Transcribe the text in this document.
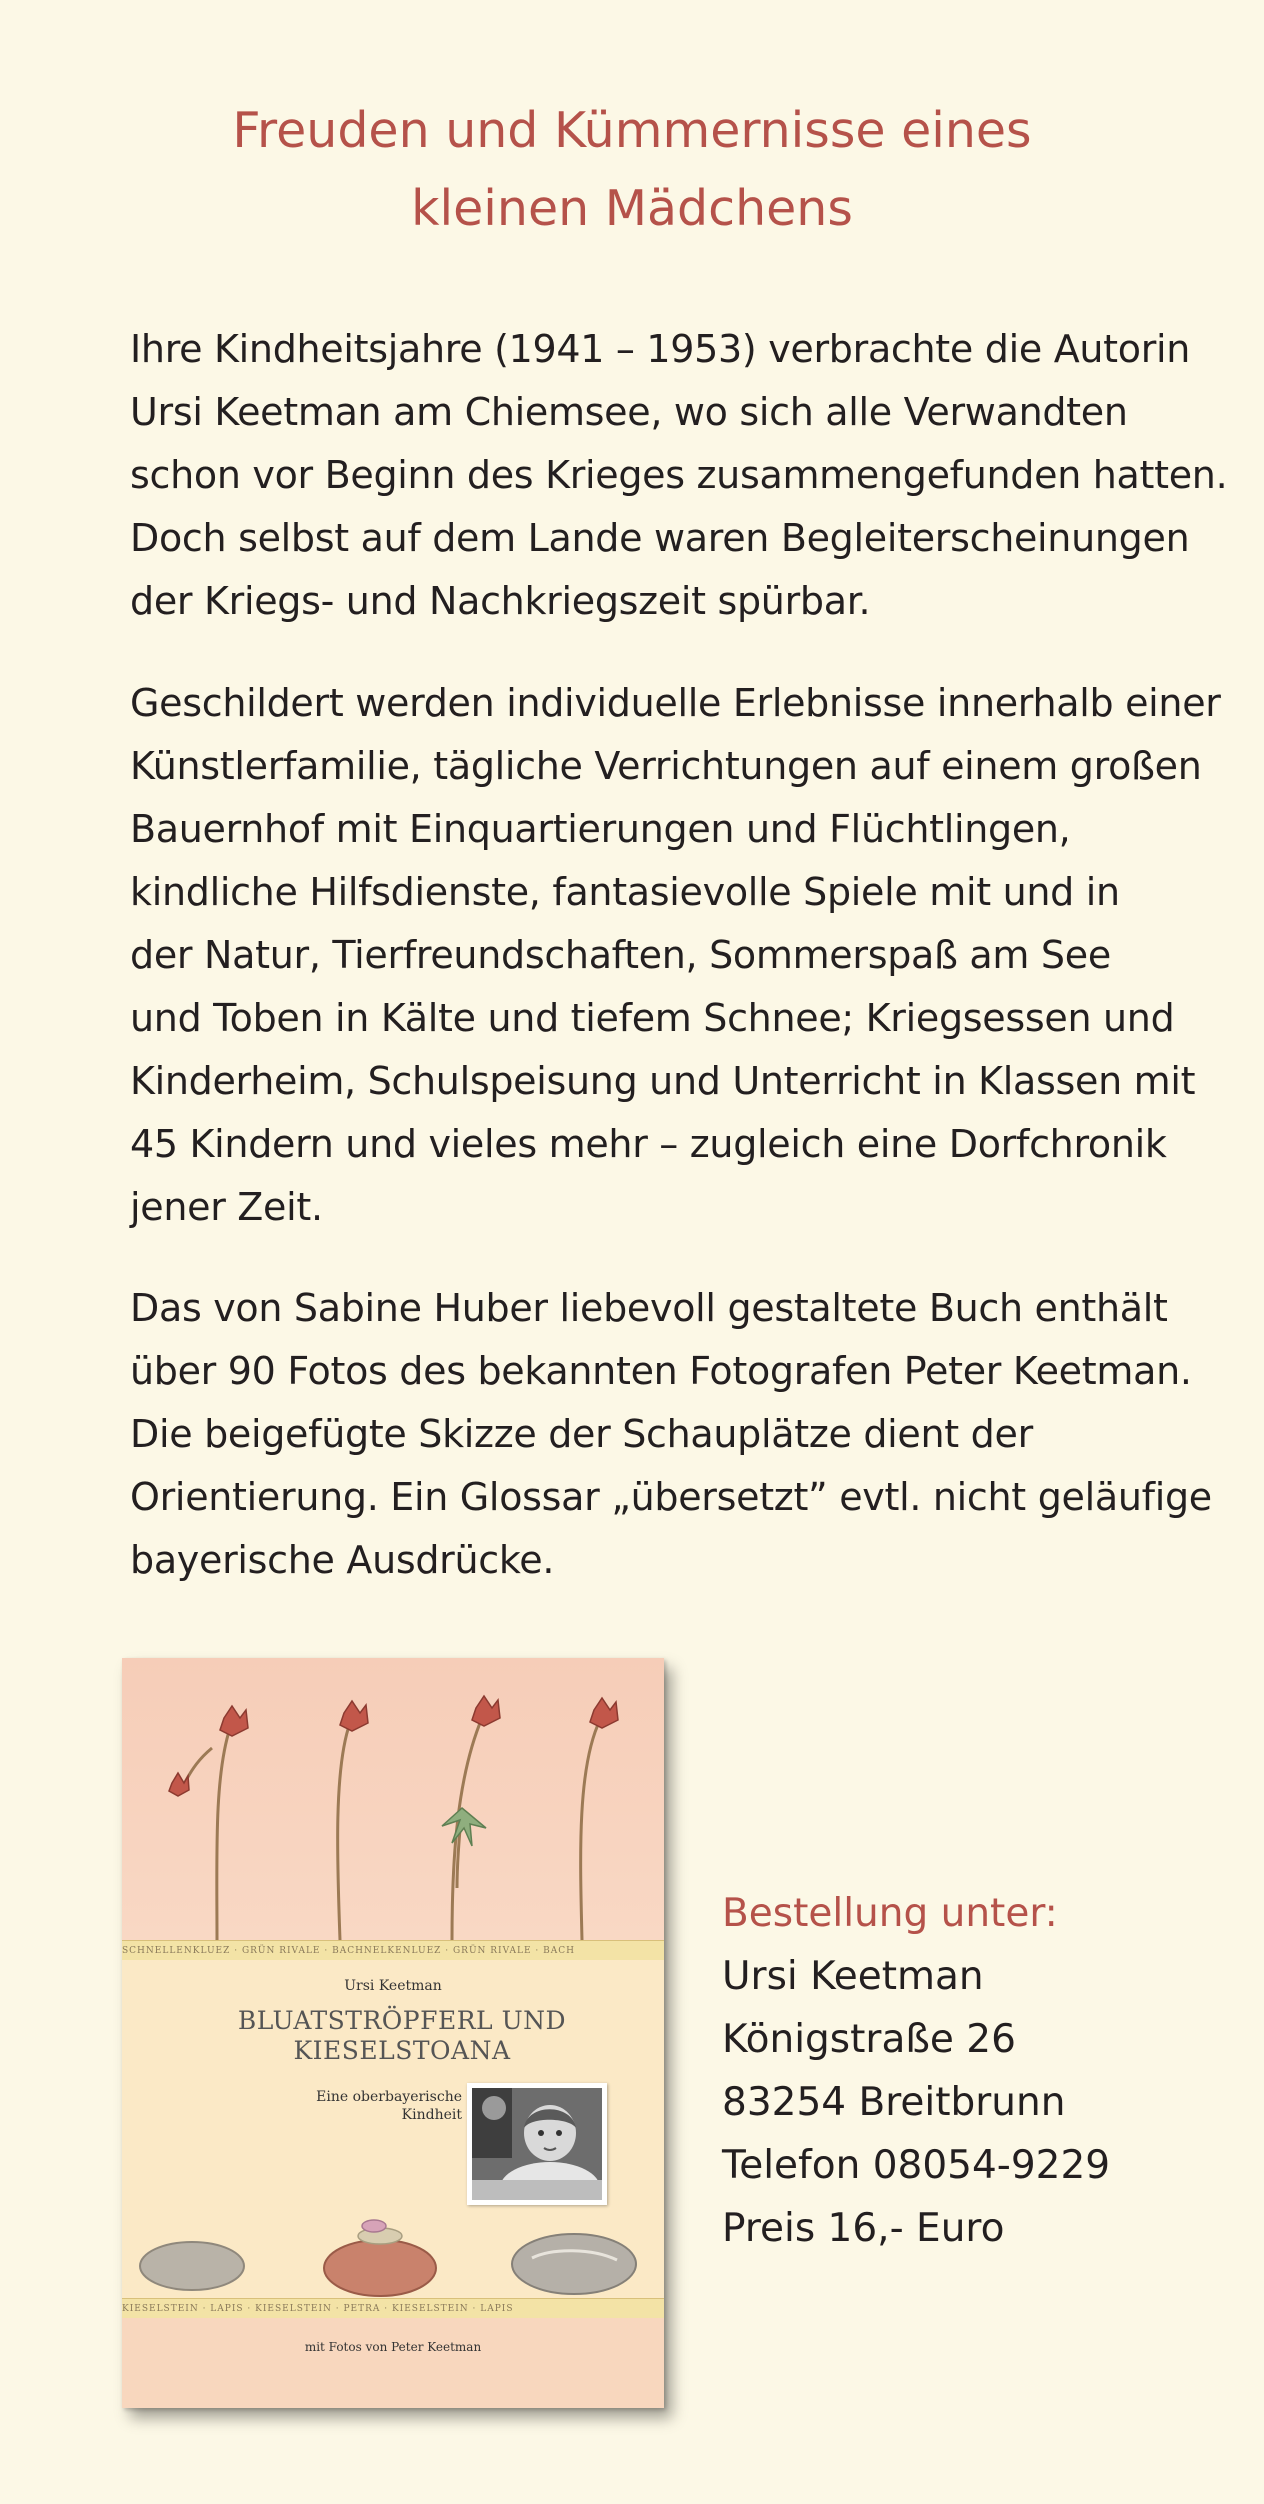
Freuden und Kümmernisse eines
kleinen Mädchens

Ihre Kindheitsjahre (1941 – 1953) verbrachte die Autorin
Ursi Keetman am Chiemsee, wo sich alle Verwandten
schon vor Beginn des Krieges zusammengefunden hatten.
Doch selbst auf dem Lande waren Begleiterscheinungen
der Kriegs- und Nachkriegszeit spürbar.

Geschildert werden individuelle Erlebnisse innerhalb einer
Künstlerfamilie, tägliche Verrichtungen auf einem großen
Bauernhof mit Einquartierungen und Flüchtlingen,
kindliche Hilfsdienste, fantasievolle Spiele mit und in
der Natur, Tierfreundschaften, Sommerspaß am See
und Toben in Kälte und tiefem Schnee; Kriegsessen und
Kinderheim, Schulspeisung und Unterricht in Klassen mit
45 Kindern und vieles mehr – zugleich eine Dorfchronik
jener Zeit.

Das von Sabine Huber liebevoll gestaltete Buch enthält
über 90 Fotos des bekannten Fotografen Peter Keetman.
Die beigefügte Skizze der Schauplätze dient der
Orientierung. Ein Glossar „übersetzt” evtl. nicht geläufige
bayerische Ausdrücke.

SCHNELLENKLUEZ · GRÜN RIVALE · BACHNELKENLUEZ · GRÜN RIVALE · BACH
Ursi Keetman
BLUATSTRÖPFERL UND
KIESELSTOANA
Eine oberbayerische
Kindheit
KIESELSTEIN · LAPIS · KIESELSTEIN · PETRA · KIESELSTEIN · LAPIS
mit Fotos von Peter Keetman

Bestellung unter:

Ursi Keetman

Königstraße 26

83254 Breitbrunn

Telefon 08054-9229

Preis 16,- Euro
